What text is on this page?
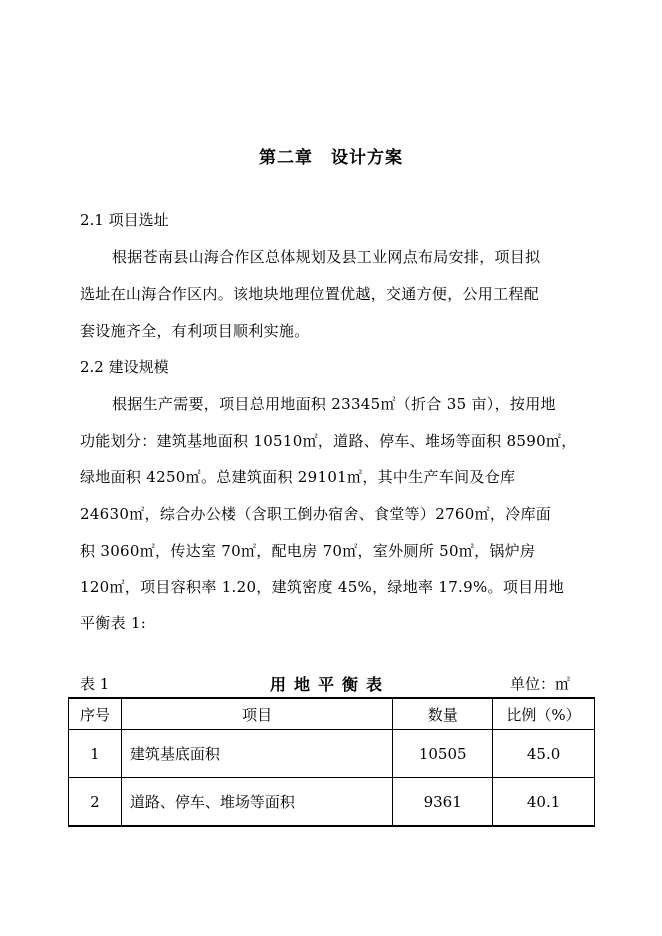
第二章　设计方案
2.1 项目选址
根据苍南县山海合作区总体规划及县工业网点布局安排，项目拟
选址在山海合作区内。该地块地理位置优越，交通方便，公用工程配
套设施齐全，有利项目顺利实施。
2.2 建设规模
根据生产需要，项目总用地面积 23345㎡（折合 35 亩），按用地
功能划分：建筑基地面积 10510㎡，道路、停车、堆场等面积 8590㎡，
绿地面积 4250㎡。总建筑面积 29101㎡，其中生产车间及仓库
24630㎡，综合办公楼（含职工倒办宿舍、食堂等）2760㎡，冷库面
积 3060㎡，传达室 70㎡，配电房 70㎡，室外厕所 50㎡，锅炉房
120㎡，项目容积率 1.20，建筑密度 45%，绿地率 17.9%。项目用地
平衡表 1:
表 1	用地平衡表	单位：㎡
序号	项目	数量	比例（%）
1	建筑基底面积	10505	45.0
2	道路、停车、堆场等面积	9361	40.1
